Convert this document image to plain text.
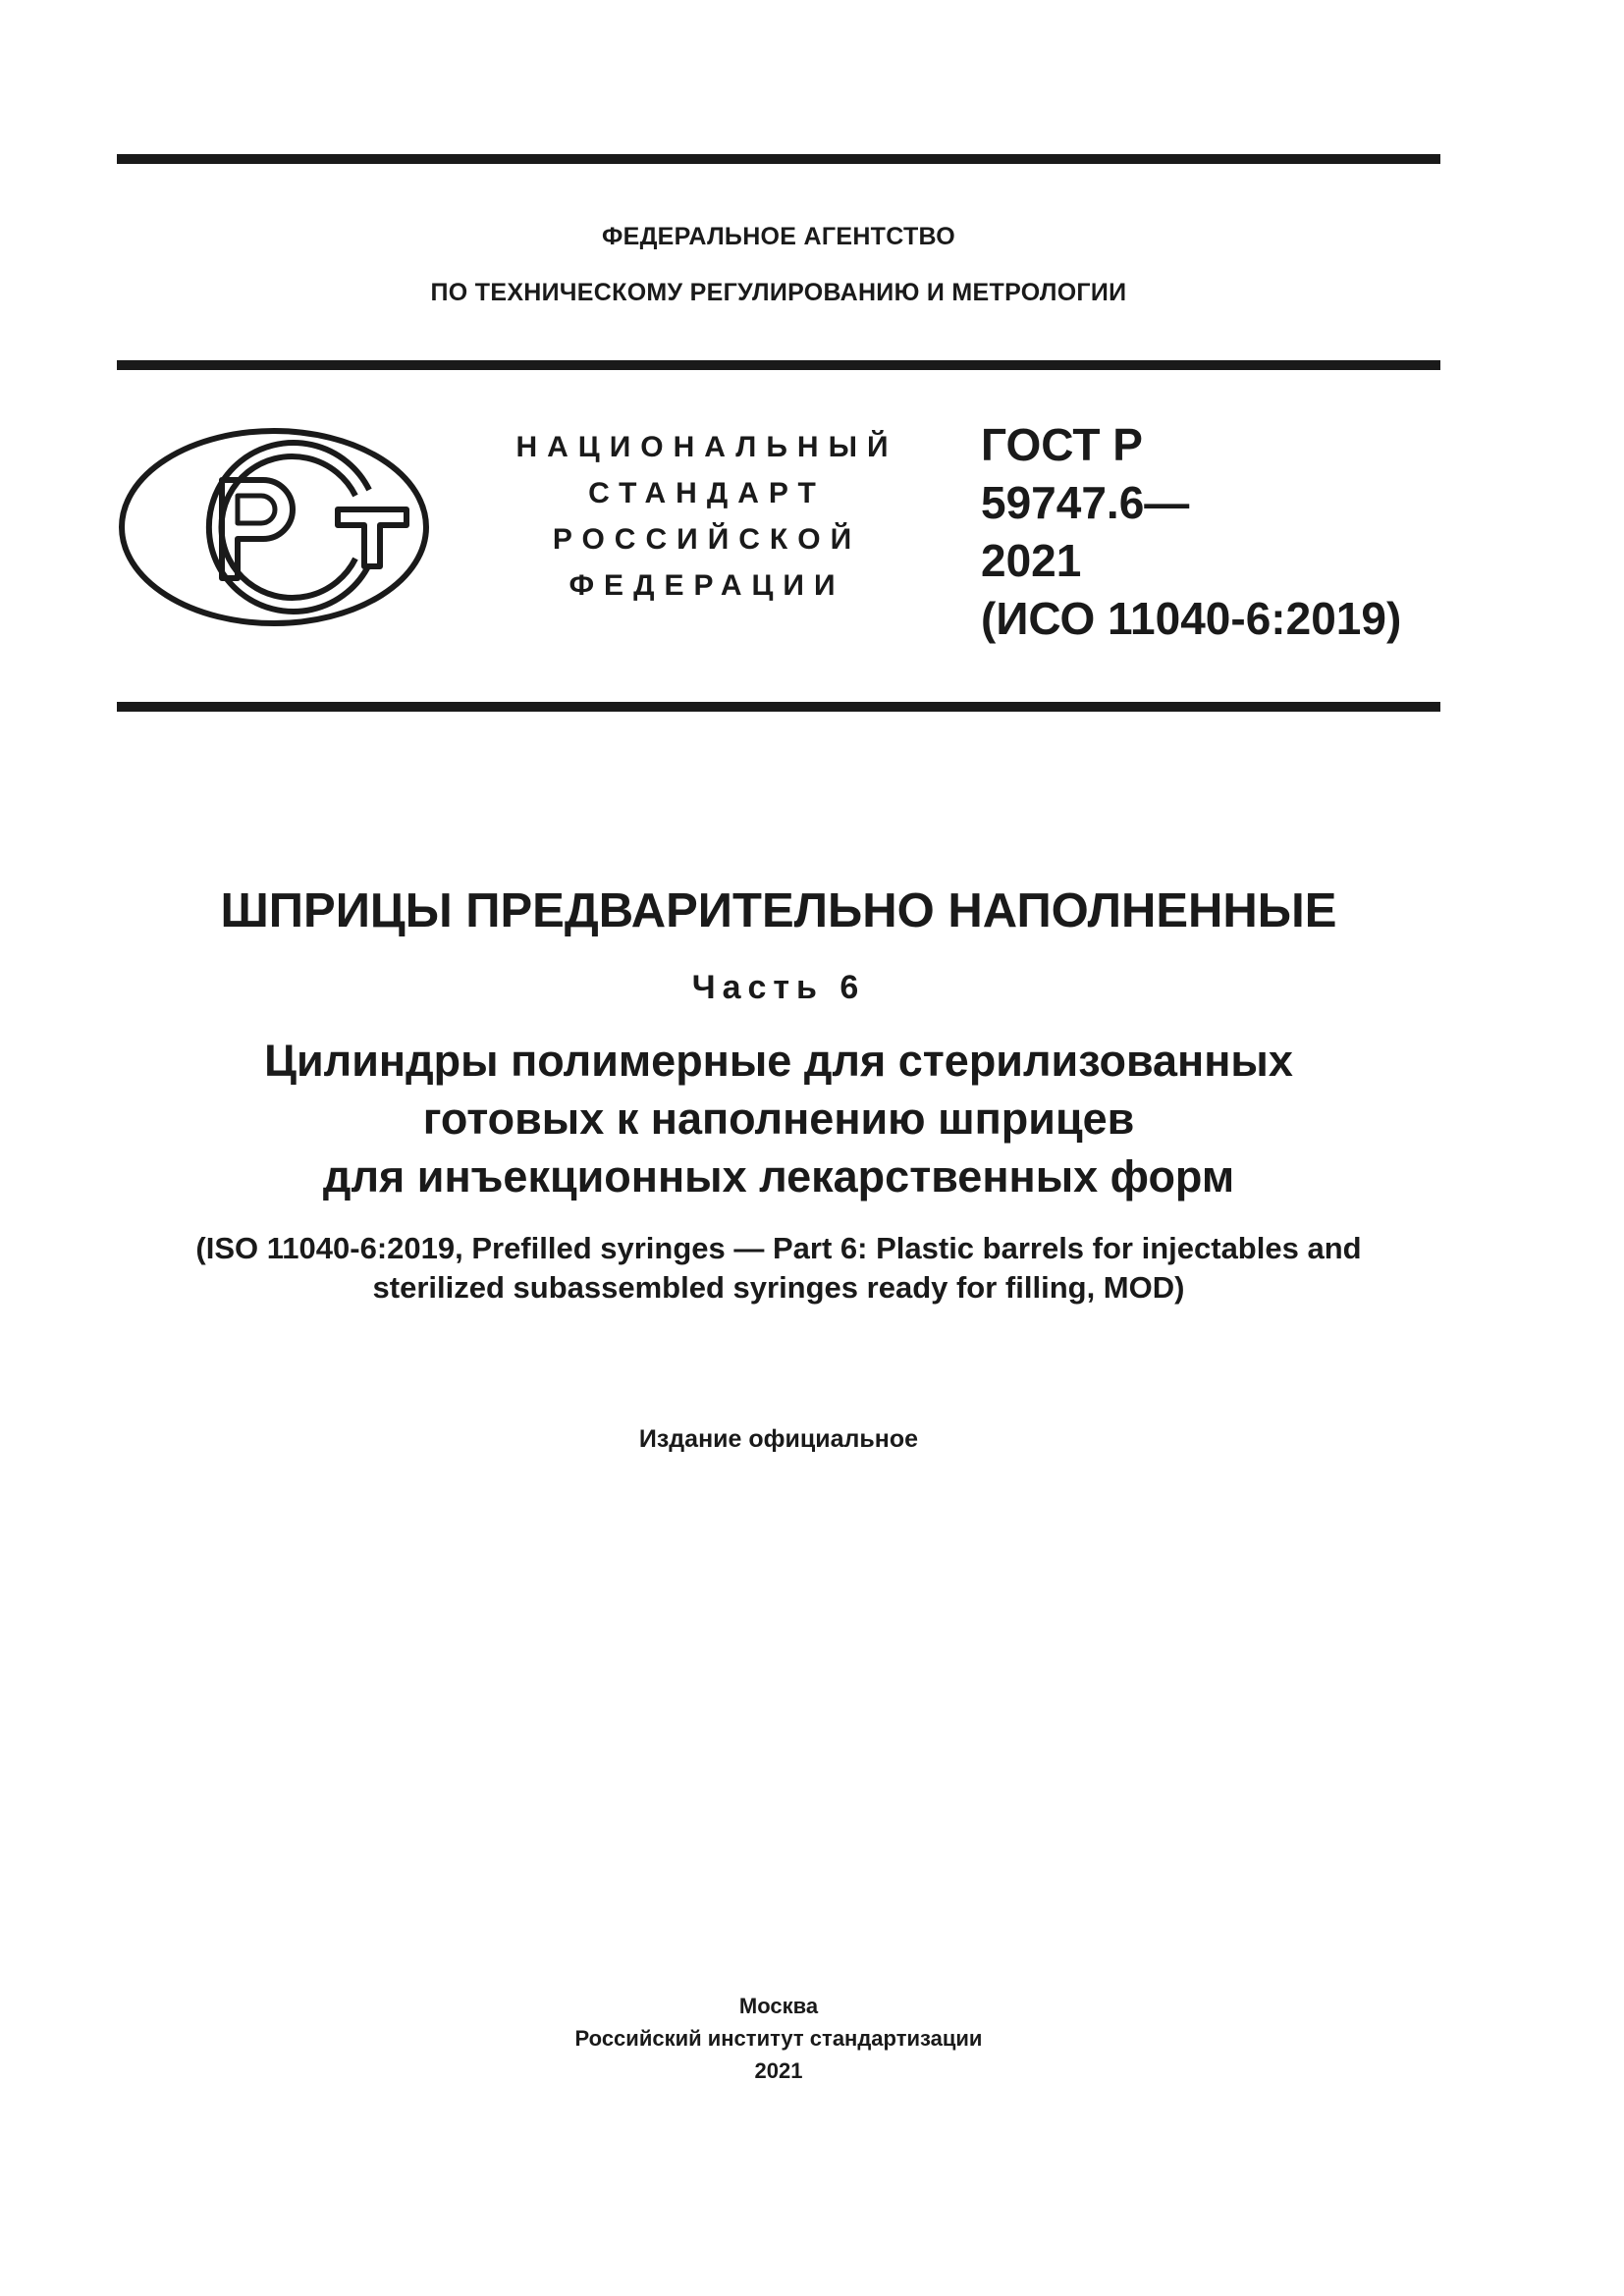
ФЕДЕРАЛЬНОЕ АГЕНТСТВО
ПО ТЕХНИЧЕСКОМУ РЕГУЛИРОВАНИЮ И МЕТРОЛОГИИ
НАЦИОНАЛЬНЫЙ
СТАНДАРТ
РОССИЙСКОЙ
ФЕДЕРАЦИИ
ГОСТ Р
59747.6—
2021
(ИСО 11040-6:2019)
ШПРИЦЫ ПРЕДВАРИТЕЛЬНО НАПОЛНЕННЫЕ
Часть 6
Цилиндры полимерные для стерилизованных
готовых к наполнению шприцев
для инъекционных лекарственных форм
(ISO 11040-6:2019, Prefilled syringes — Part 6: Plastic barrels for injectables and
sterilized subassembled syringes ready for filling, MOD)
Издание официальное
Москва
Российский институт стандартизации
2021
